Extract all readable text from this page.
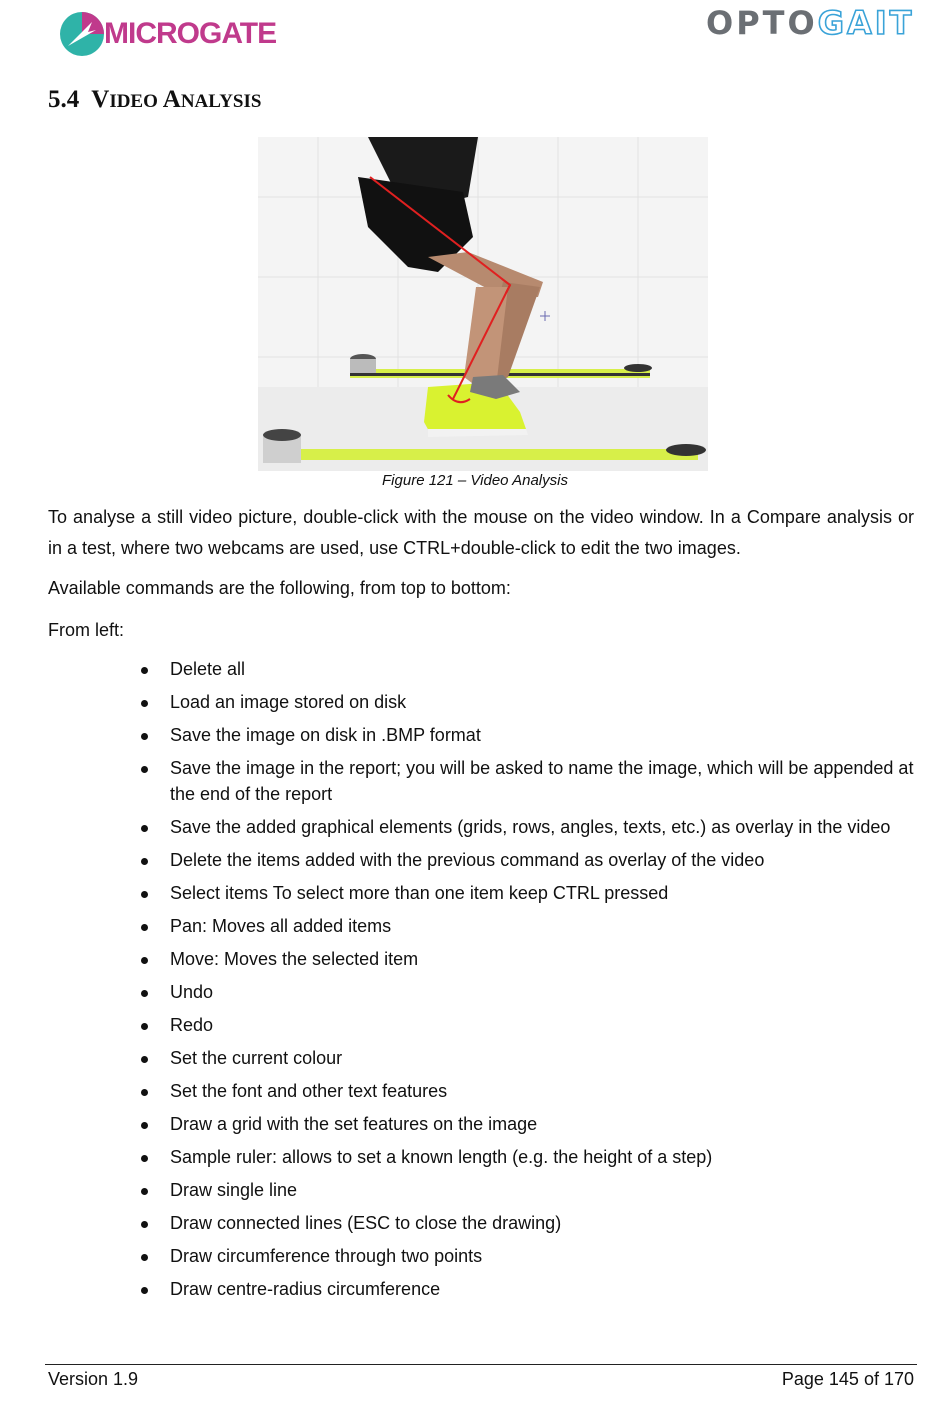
MICROGATE	OPTOGAIT
5.4 VIDEO ANALYSIS
Figure 121 – Video Analysis
To analyse a still video picture, double-click with the mouse on the video window. In a Compare analysis or in a test, where two webcams are used, use CTRL+double-click to edit the two images.
Available commands are the following, from top to bottom:
From left:
Delete all
Load an image stored on disk
Save the image on disk in .BMP format
Save the image in the report; you will be asked to name the image, which will be appended at the end of the report
Save the added graphical elements (grids, rows, angles, texts, etc.) as overlay in the video
Delete the items added with the previous command as overlay of the video
Select items To select more than one item keep CTRL pressed
Pan: Moves all added items
Move: Moves the selected item
Undo
Redo
Set the current colour
Set the font and other text features
Draw a grid with the set features on the image
Sample ruler: allows to set a known length (e.g. the height of a step)
Draw single line
Draw connected lines (ESC to close the drawing)
Draw circumference through two points
Draw centre-radius circumference
Version 1.9	Page 145 of 170
